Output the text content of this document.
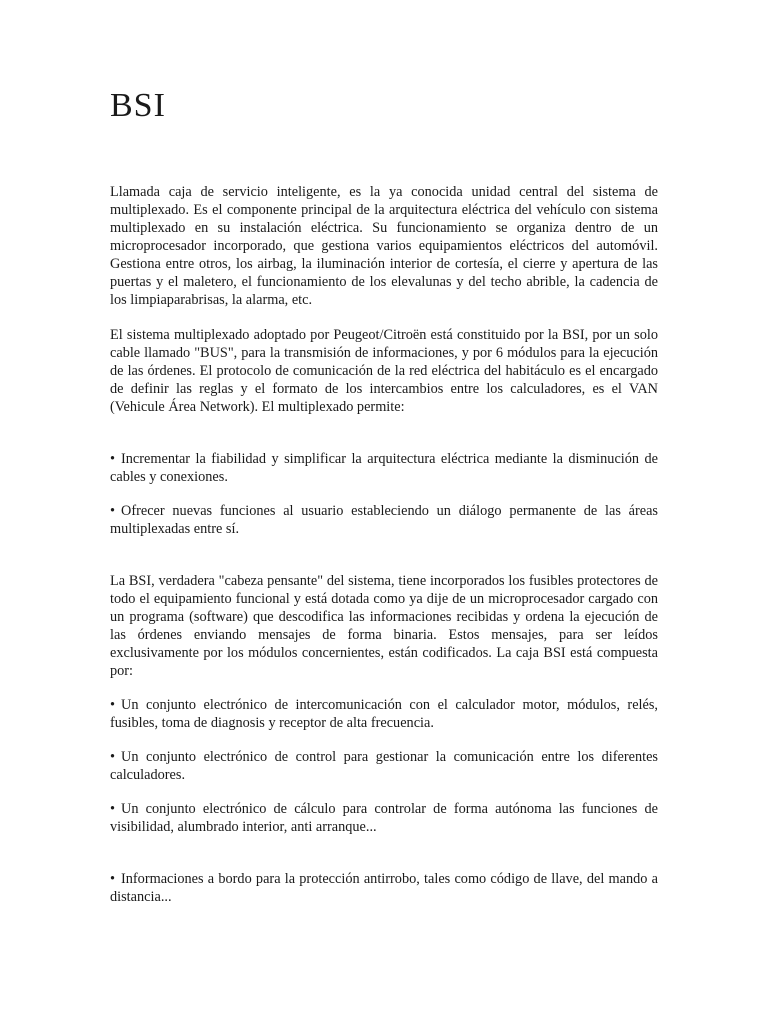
BSI

Llamada caja de servicio inteligente, es la ya conocida unidad central del sistema de multiplexado. Es el componente principal de la arquitectura eléctrica del vehículo con sistema multiplexado en su instalación eléctrica. Su funcionamiento se organiza dentro de un microprocesador incorporado, que gestiona varios equipamientos eléctricos del automóvil. Gestiona entre otros, los airbag, la iluminación interior de cortesía, el cierre y apertura de las puertas y el maletero, el funcionamiento de los elevalunas y del techo abrible, la cadencia de los limpiaparabrisas, la alarma, etc.

El sistema multiplexado adoptado por Peugeot/Citroën está constituido por la BSI, por un solo cable llamado "BUS", para la transmisión de informaciones, y por 6 módulos para la ejecución de las órdenes. El protocolo de comunicación de la red eléctrica del habitáculo es el encargado de definir las reglas y el formato de los intercambios entre los calculadores, es el VAN (Vehicule Área Network). El multiplexado permite:

• Incrementar la fiabilidad y simplificar la arquitectura eléctrica mediante la disminución de cables y conexiones.

• Ofrecer nuevas funciones al usuario estableciendo un diálogo permanente de las áreas multiplexadas entre sí.

La BSI, verdadera "cabeza pensante" del sistema, tiene incorporados los fusibles protectores de todo el equipamiento funcional y está dotada como ya dije de un microprocesador cargado con un programa (software) que descodifica las informaciones recibidas y ordena la ejecución de las órdenes enviando mensajes de forma binaria. Estos mensajes, para ser leídos exclusivamente por los módulos concernientes, están codificados. La caja BSI está compuesta por:

• Un conjunto electrónico de intercomunicación con el calculador motor, módulos, relés, fusibles, toma de diagnosis y receptor de alta frecuencia.

• Un conjunto electrónico de control para gestionar la comunicación entre los diferentes calculadores.

• Un conjunto electrónico de cálculo para controlar de forma autónoma las funciones de visibilidad, alumbrado interior, anti arranque...

• Informaciones a bordo para la protección antirrobo, tales como código de llave, del mando a distancia...
